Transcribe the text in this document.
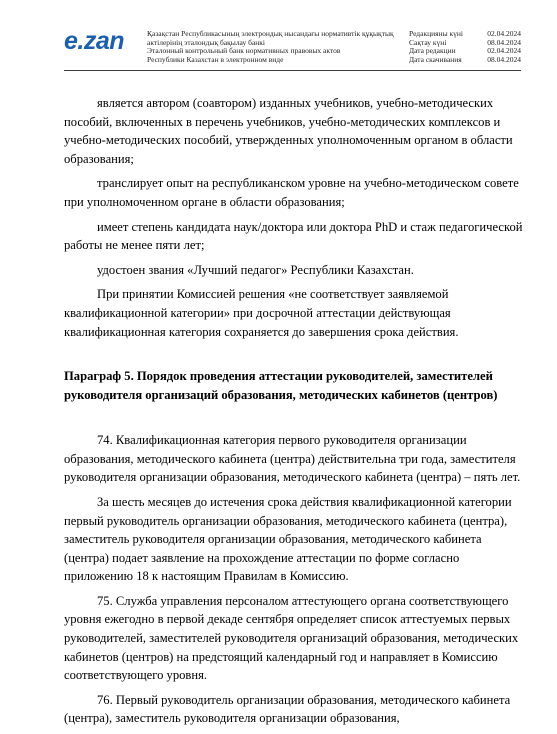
e.zan	Қазақстан Республикасының электрондық нысандағы нормативтік құқықтық
актілерінің эталондық бақылау банкі
Эталонный контрольный банк нормативных правовых актов
Республики Казахстан в электронном виде
Редакцияны күні	02.04.2024
Сақтау күні	08.04.2024
Дата редакции	02.04.2024
Дата скачивания	08.04.2024

является автором (соавтором) изданных учебников, учебно-методических пособий, включенных в перечень учебников, учебно-методических комплексов и учебно-методических пособий, утвержденных уполномоченным органом в области образования;

транслирует опыт на республиканском уровне на учебно-методическом совете при уполномоченном органе в области образования;

имеет степень кандидата наук/доктора или доктора PhD и стаж педагогической работы не менее пяти лет;

удостоен звания «Лучший педагог» Республики Казахстан.

При принятии Комиссией решения «не соответствует заявляемой квалификационной категории» при досрочной аттестации действующая квалификационная категория сохраняется до завершения срока действия.

Параграф 5. Порядок проведения аттестации руководителей, заместителей руководителя организаций образования, методических кабинетов (центров)

74. Квалификационная категория первого руководителя организации образования, методического кабинета (центра) действительна три года, заместителя руководителя организации образования, методического кабинета (центра) – пять лет.

За шесть месяцев до истечения срока действия квалификационной категории первый руководитель организации образования, методического кабинета (центра), заместитель руководителя организации образования, методического кабинета (центра) подает заявление на прохождение аттестации по форме согласно приложению 18 к настоящим Правилам в Комиссию.

75. Служба управления персоналом аттестующего органа соответствующего уровня ежегодно в первой декаде сентября определяет список аттестуемых первых руководителей, заместителей руководителя организаций образования, методических кабинетов (центров) на предстоящий календарный год и направляет в Комиссию соответствующего уровня.

76. Первый руководитель организации образования, методического кабинета (центра), заместитель руководителя организации образования,
